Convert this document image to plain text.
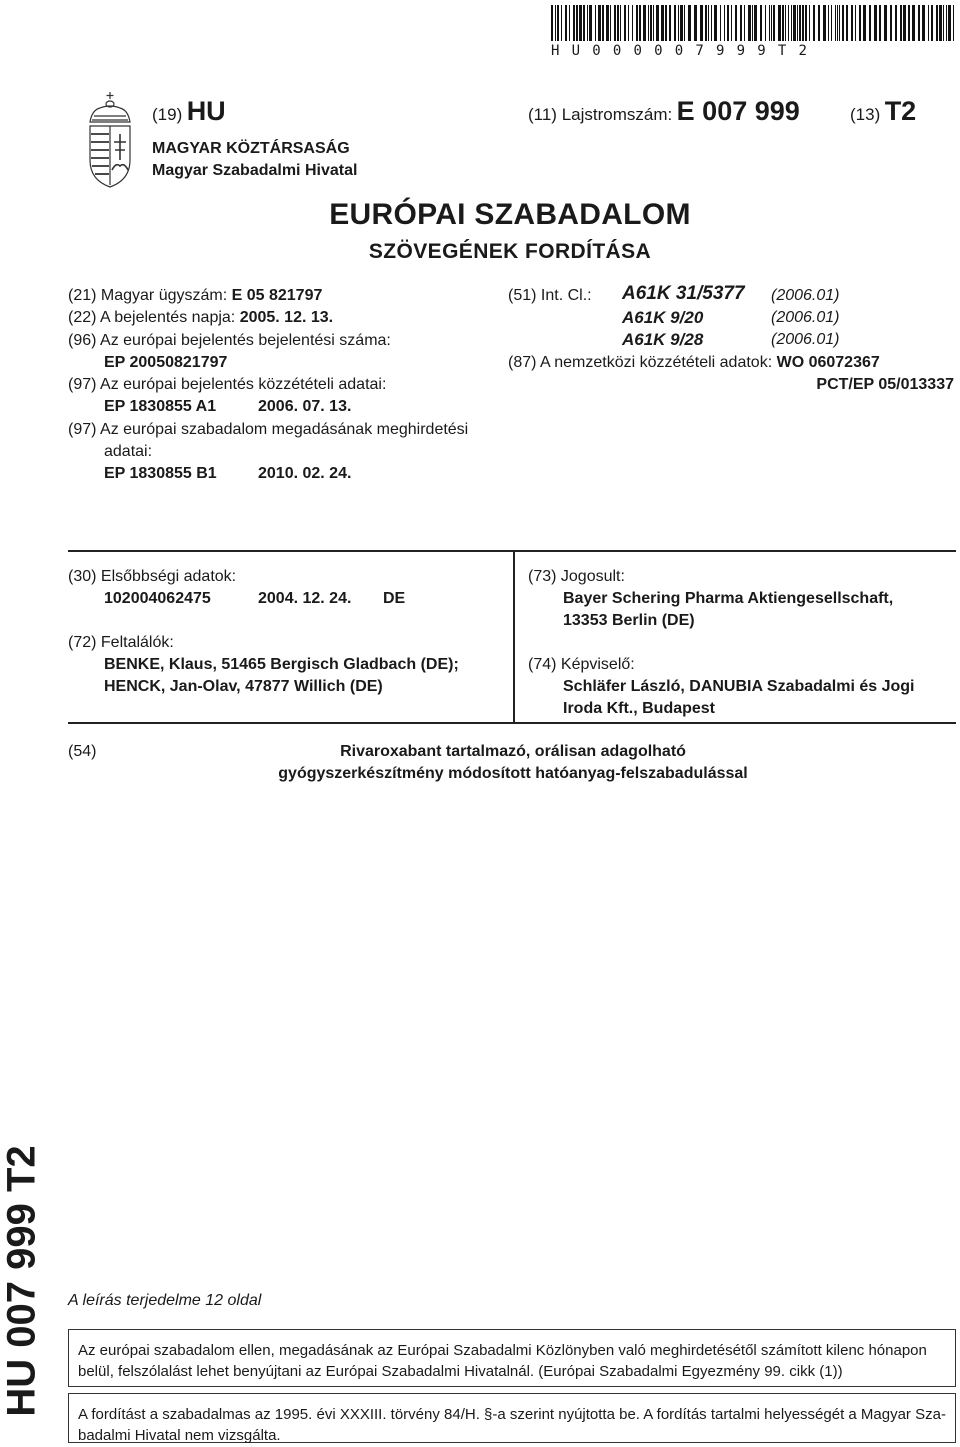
HU000007999T2
(19) HU
MAGYAR KÖZTÁRSASÁG
Magyar Szabadalmi Hivatal
(11) Lajstromszám: E 007 999	(13) T2
EURÓPAI SZABADALOM
SZÖVEGÉNEK FORDÍTÁSA
(21) Magyar ügyszám: E 05 821797
(22) A bejelentés napja: 2005. 12. 13.
(96) Az európai bejelentés bejelentési száma:
EP 20050821797
(97) Az európai bejelentés közzétételi adatai:
EP 1830855 A1	2006. 07. 13.
(97) Az európai szabadalom megadásának meghirdetési
adatai:
EP 1830855 B1	2010. 02. 24.
(51) Int. Cl.: A61K 31/5377 (2006.01)
A61K 9/20	(2006.01)
A61K 9/28	(2006.01)
(87) A nemzetközi közzétételi adatok: WO 06072367
PCT/EP 05/013337
(30) Elsőbbségi adatok:
102004062475	2004. 12. 24. DE
(72) Feltalálók:
BENKE, Klaus, 51465 Bergisch Gladbach (DE);
HENCK, Jan-Olav, 47877 Willich (DE)
(73) Jogosult:
Bayer Schering Pharma Aktiengesellschaft,
13353 Berlin (DE)
(74) Képviselő:
Schläfer László, DANUBIA Szabadalmi és Jogi
Iroda Kft., Budapest
(54)	Rivaroxabant tartalmazó, orálisan adagolható
gyógyszerkészítmény módosított hatóanyag-felszabadulással
HU 007 999 T2 A leírás terjedelme 12 oldal
Az európai szabadalom ellen, megadásának az Európai Szabadalmi Közlönyben való meghirdetésétől számított kilenc hónapon
belül, felszólalást lehet benyújtani az Európai Szabadalmi Hivatalnál. (Európai Szabadalmi Egyezmény 99. cikk (1))
A fordítást a szabadalmas az 1995. évi XXXIII. törvény 84/H. §-a szerint nyújtotta be. A fordítás tartalmi helyességét a Magyar Sza-
badalmi Hivatal nem vizsgálta.
